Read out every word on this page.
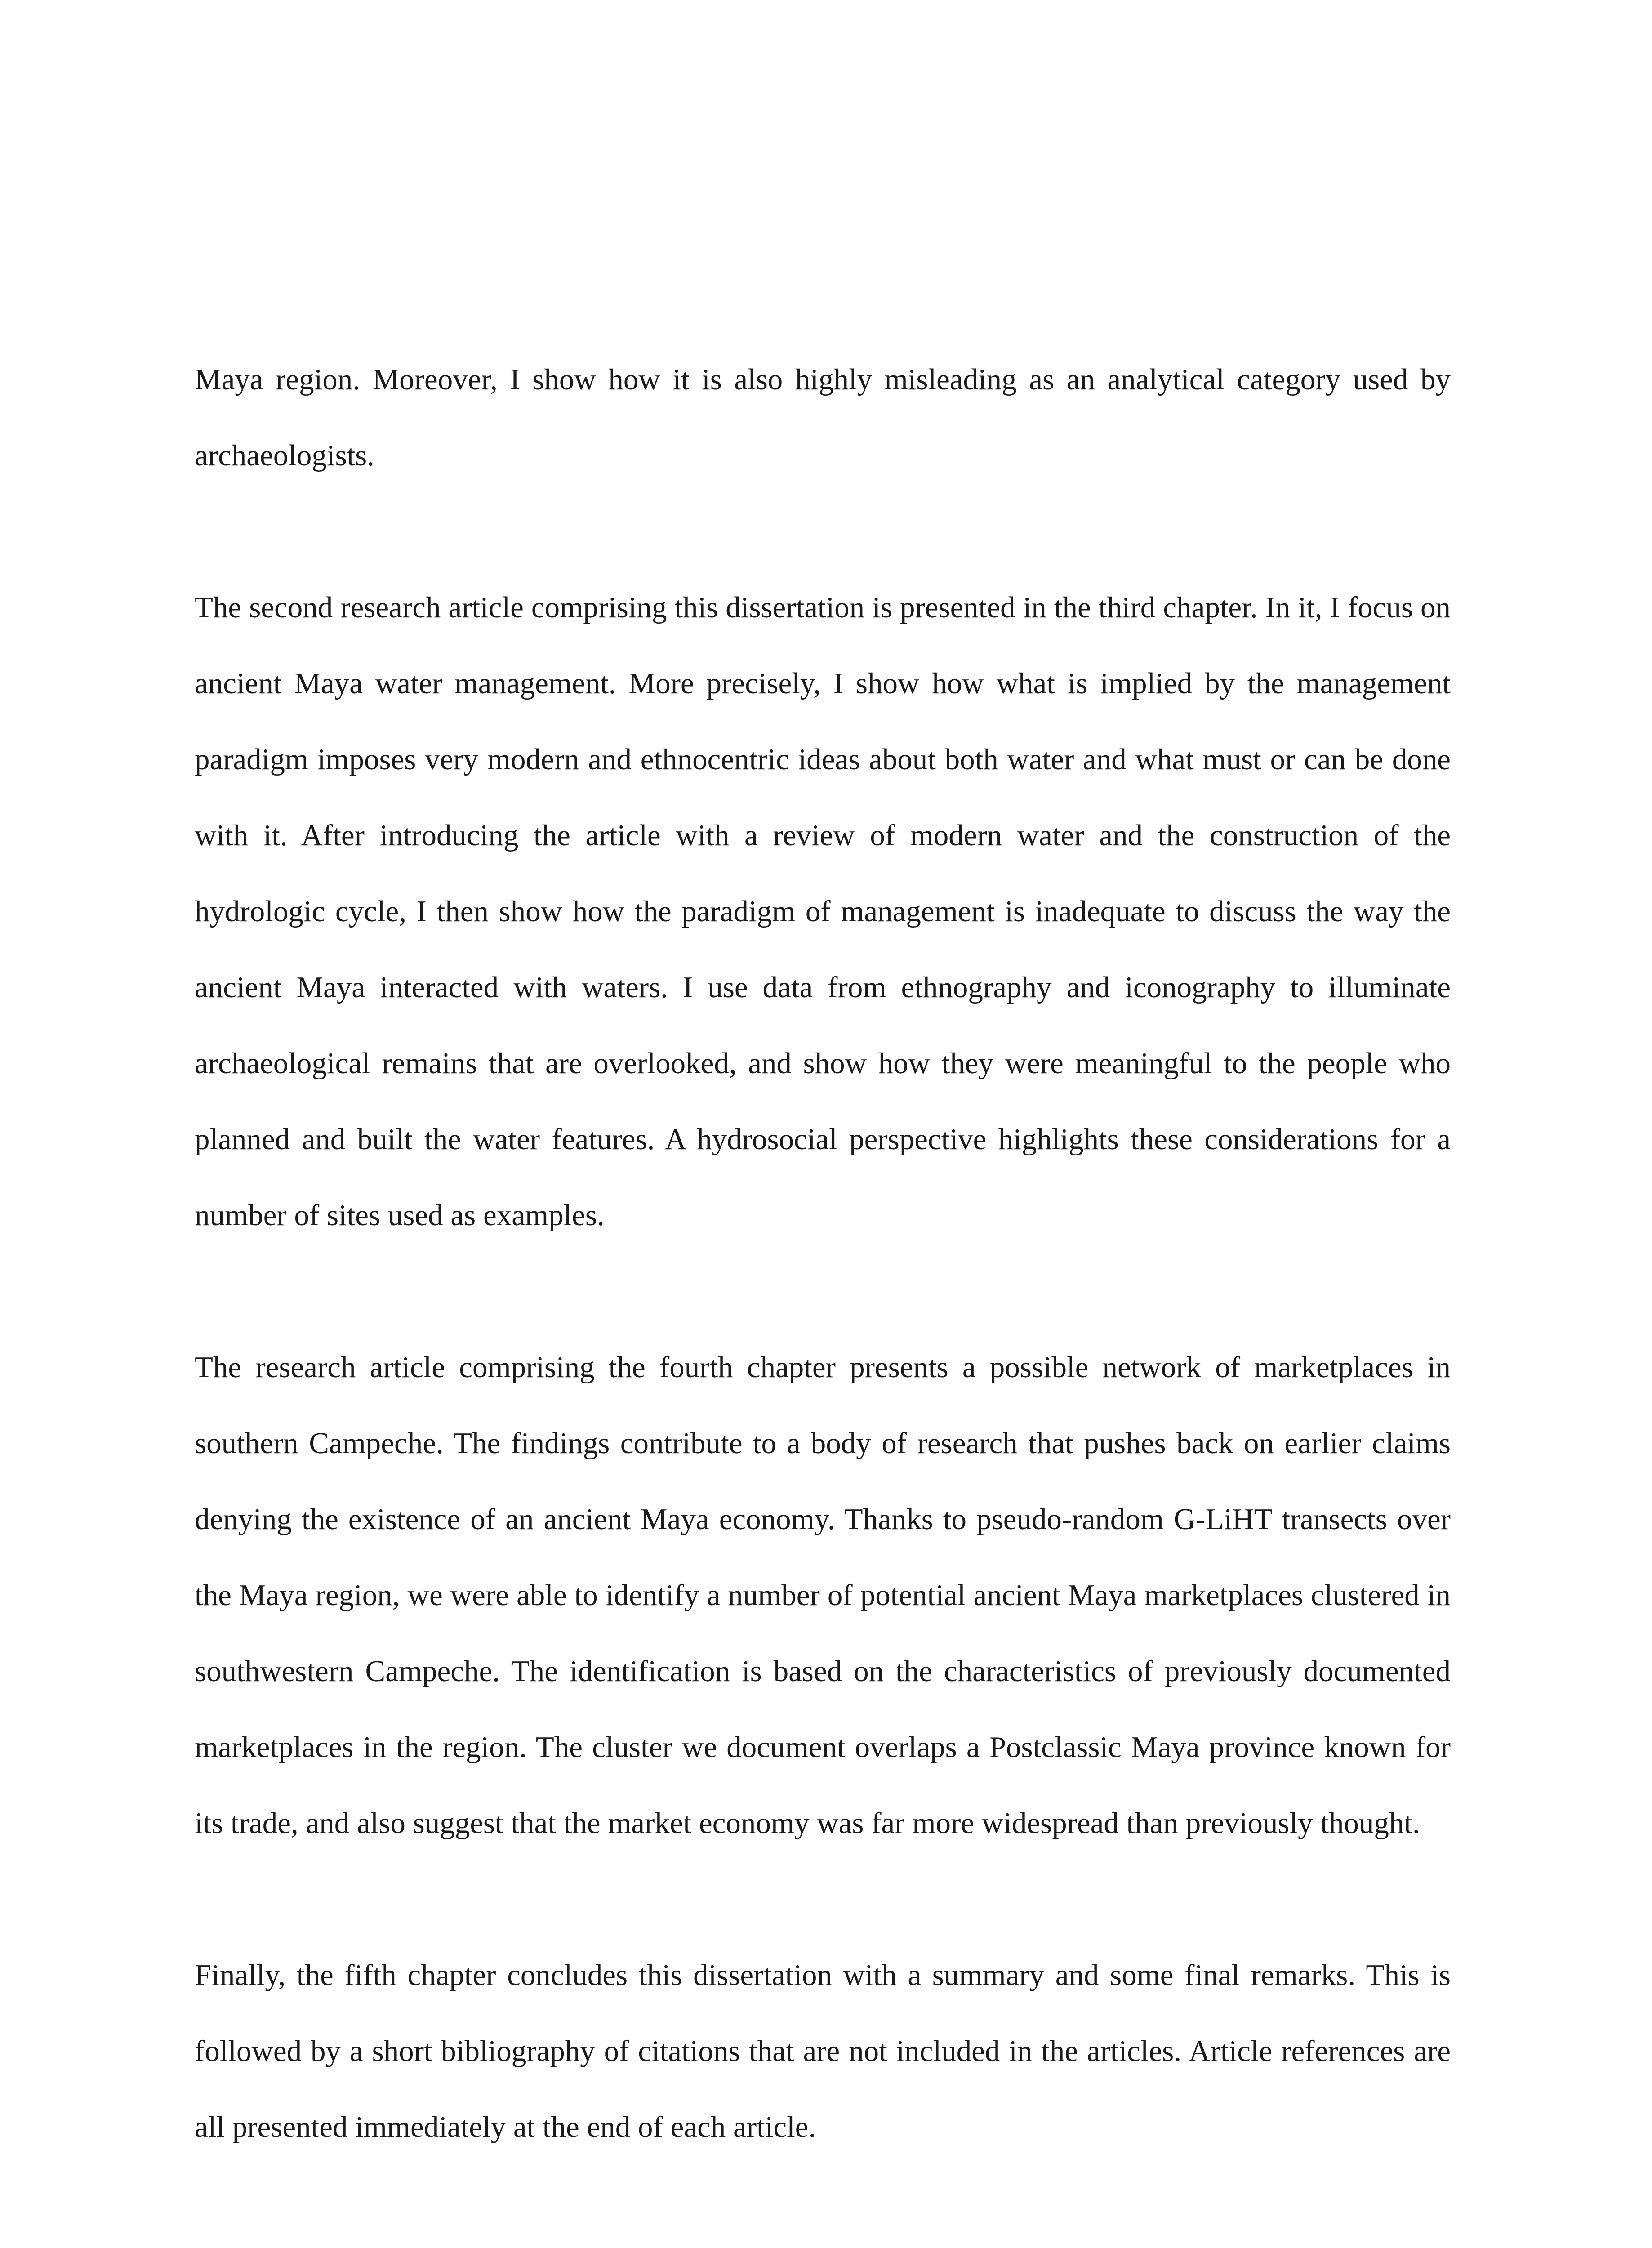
Maya region. Moreover, I show how it is also highly misleading as an analytical category used by archaeologists.

The second research article comprising this dissertation is presented in the third chapter. In it, I focus on ancient Maya water management. More precisely, I show how what is implied by the management paradigm imposes very modern and ethnocentric ideas about both water and what must or can be done with it. After introducing the article with a review of modern water and the construction of the hydrologic cycle, I then show how the paradigm of management is inadequate to discuss the way the ancient Maya interacted with waters. I use data from ethnography and iconography to illuminate archaeological remains that are overlooked, and show how they were meaningful to the people who planned and built the water features. A hydrosocial perspective highlights these considerations for a number of sites used as examples.

The research article comprising the fourth chapter presents a possible network of marketplaces in southern Campeche. The findings contribute to a body of research that pushes back on earlier claims denying the existence of an ancient Maya economy. Thanks to pseudo-random G-LiHT transects over the Maya region, we were able to identify a number of potential ancient Maya marketplaces clustered in southwestern Campeche. The identification is based on the characteristics of previously documented marketplaces in the region. The cluster we document overlaps a Postclassic Maya province known for its trade, and also suggest that the market economy was far more widespread than previously thought.

Finally, the fifth chapter concludes this dissertation with a summary and some final remarks. This is followed by a short bibliography of citations that are not included in the articles. Article references are all presented immediately at the end of each article.
